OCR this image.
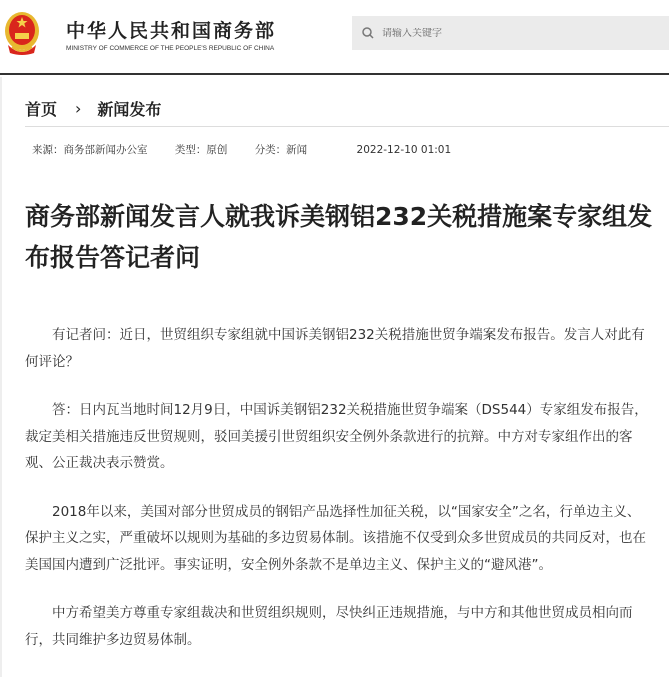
中华人民共和国商务部
MINISTRY OF COMMERCE OF THE PEOPLE'S REPUBLIC OF CHINA
请输入关键字
首页 › 新闻发布
来源：商务部新闻办公室	类型：原创	分类：新闻	2022-12-10 01:01
商务部新闻发言人就我诉美钢铝232关税措施案专家组发布报告答记者问

有记者问：近日，世贸组织专家组就中国诉美钢铝232关税措施世贸争端案发布报告。发言人对此有何评论？

答：日内瓦当地时间12月9日，中国诉美钢铝232关税措施世贸争端案（DS544）专家组发布报告，裁定美相关措施违反世贸规则，驳回美援引世贸组织安全例外条款进行的抗辩。中方对专家组作出的客观、公正裁决表示赞赏。

2018年以来，美国对部分世贸成员的钢铝产品选择性加征关税，以“国家安全”之名，行单边主义、保护主义之实，严重破坏以规则为基础的多边贸易体制。该措施不仅受到众多世贸成员的共同反对，也在美国国内遭到广泛批评。事实证明，安全例外条款不是单边主义、保护主义的“避风港”。

中方希望美方尊重专家组裁决和世贸组织规则，尽快纠正违规措施，与中方和其他世贸成员相向而行，共同维护多边贸易体制。
